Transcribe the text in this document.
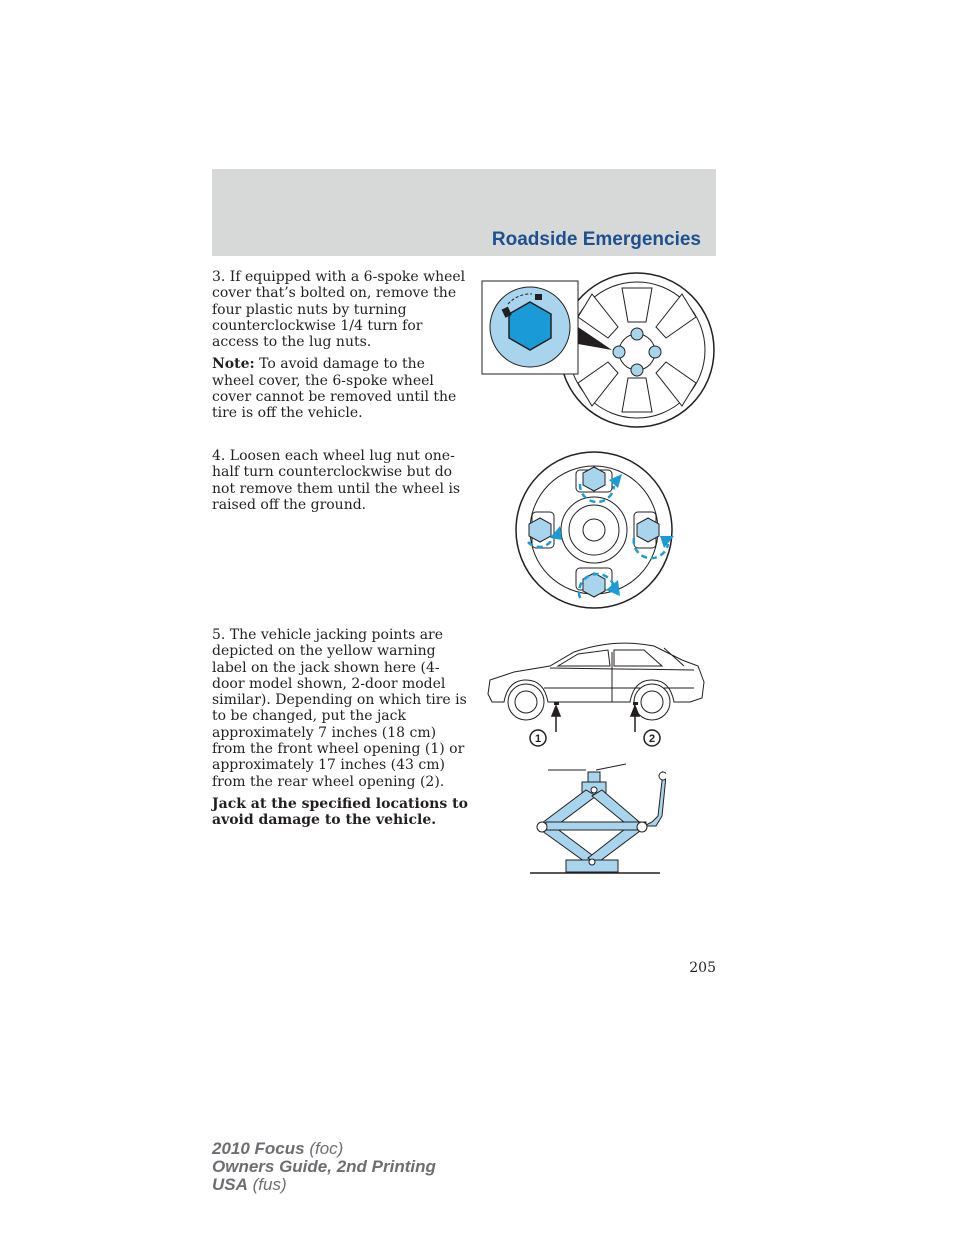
Roadside Emergencies

3. If equipped with a 6-spoke wheel cover that’s bolted on, remove the four plastic nuts by turning counterclockwise 1/4 turn for access to the lug nuts.

Note: To avoid damage to the wheel cover, the 6-spoke wheel cover cannot be removed until the tire is off the vehicle.

4. Loosen each wheel lug nut one-half turn counterclockwise but do not remove them until the wheel is raised off the ground.

5. The vehicle jacking points are depicted on the yellow warning label on the jack shown here (4-door model shown, 2-door model similar). Depending on which tire is to be changed, put the jack approximately 7 inches (18 cm) from the front wheel opening (1) or approximately 17 inches (43 cm) from the rear wheel opening (2).

Jack at the specified locations to avoid damage to the vehicle.

1	2
205
2010 Focus (foc)
Owners Guide, 2nd Printing
USA (fus)
